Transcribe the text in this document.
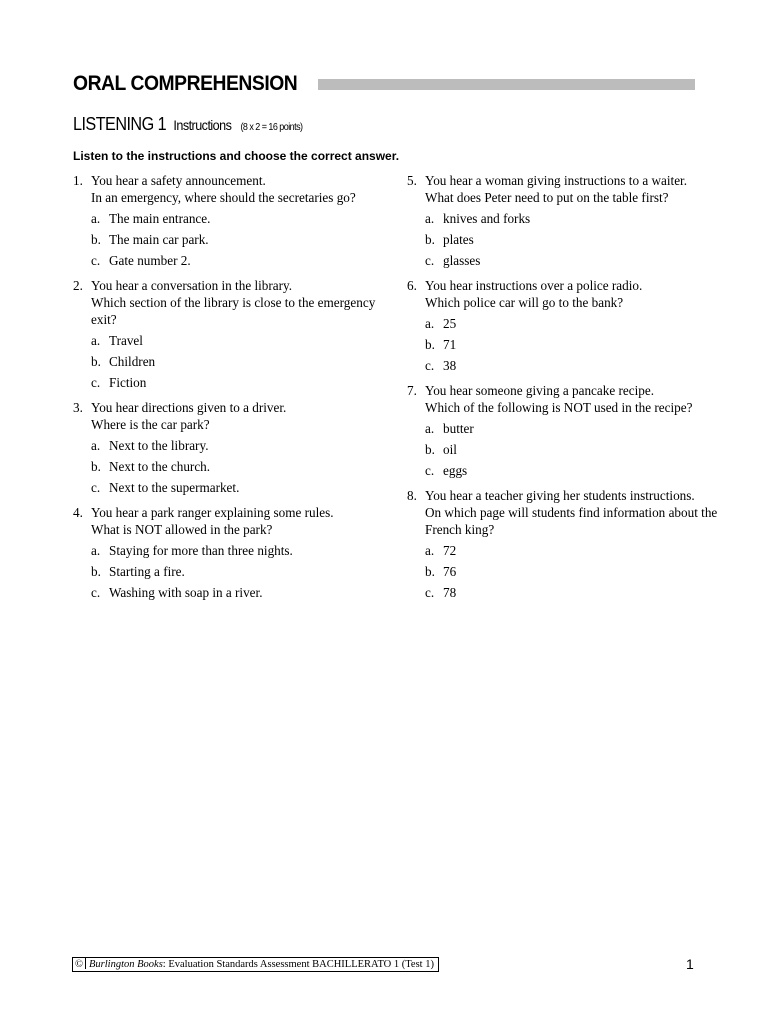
ORAL COMPREHENSION
LISTENING 1 Instructions (8 x 2 = 16 points)
Listen to the instructions and choose the correct answer.
1. You hear a safety announcement.
In an emergency, where should the secretaries go?
a. The main entrance.
b. The main car park.
c. Gate number 2.
2. You hear a conversation in the library.
Which section of the library is close to the emergency exit?
a. Travel
b. Children
c. Fiction
3. You hear directions given to a driver.
Where is the car park?
a. Next to the library.
b. Next to the church.
c. Next to the supermarket.
4. You hear a park ranger explaining some rules.
What is NOT allowed in the park?
a. Staying for more than three nights.
b. Starting a fire.
c. Washing with soap in a river.
5. You hear a woman giving instructions to a waiter.
What does Peter need to put on the table first?
a. knives and forks
b. plates
c. glasses
6. You hear instructions over a police radio.
Which police car will go to the bank?
a. 25
b. 71
c. 38
7. You hear someone giving a pancake recipe.
Which of the following is NOT used in the recipe?
a. butter
b. oil
c. eggs
8. You hear a teacher giving her students instructions.
On which page will students find information about the French king?
a. 72
b. 76
c. 78
© Burlington Books: Evaluation Standards Assessment BACHILLERATO 1 (Test 1)	1
